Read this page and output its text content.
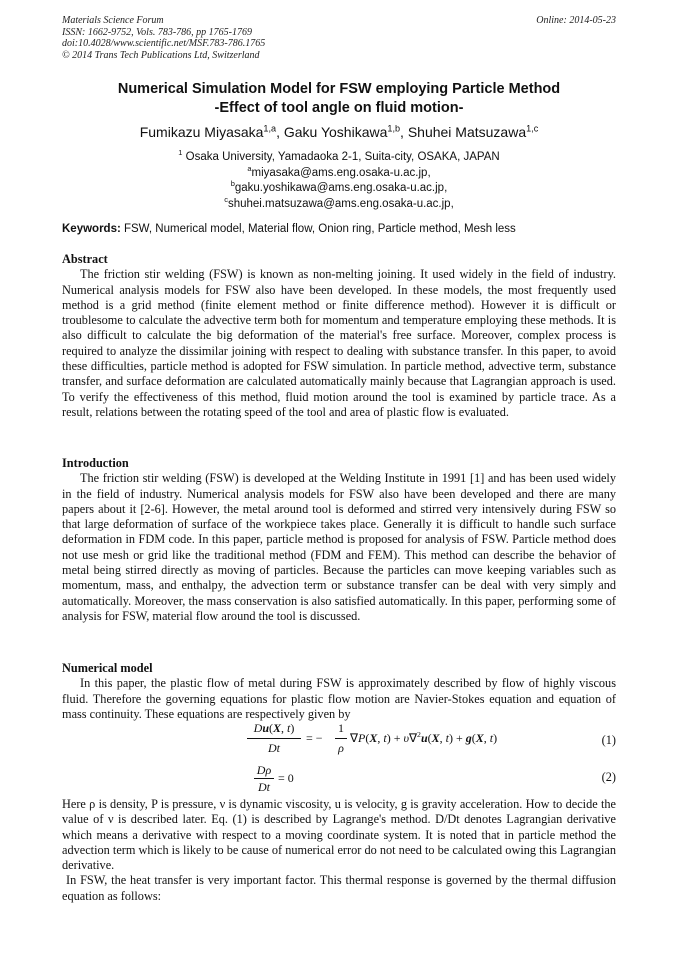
Materials Science Forum
ISSN: 1662-9752, Vols. 783-786, pp 1765-1769
doi:10.4028/www.scientific.net/MSF.783-786.1765
© 2014 Trans Tech Publications Ltd, Switzerland
Online: 2014-05-23
Numerical Simulation Model for FSW employing Particle Method
-Effect of tool angle on fluid motion-
Fumikazu Miyasaka$^{1,a}$, Gaku Yoshikawa$^{1,b}$, Shuhei Matsuzawa$^{1,c}$
$^1$ Osaka University, Yamadaoka 2-1, Suita-city, OSAKA, JAPAN
$^a$miyasaka@ams.eng.osaka-u.ac.jp,
$^b$gaku.yoshikawa@ams.eng.osaka-u.ac.jp,
$^c$shuhei.matsuzawa@ams.eng.osaka-u.ac.jp,
Keywords: FSW, Numerical model, Material flow, Onion ring, Particle method, Mesh less

Abstract

The friction stir welding (FSW) is known as non-melting joining. It used widely in the field of industry. Numerical analysis models for FSW also have been developed. In these models, the most frequently used method is a grid method (finite element method or finite difference method). However it is difficult or troublesome to calculate the advective term both for momentum and temperature employing these methods. It is also difficult to calculate the big deformation of the material's free surface. Moreover, complex process is required to analyze the dissimilar joining with respect to dealing with substance transfer. In this paper, to avoid these difficulties, particle method is adopted for FSW simulation. In particle method, advective term, substance transfer, and surface deformation are calculated automatically mainly because that Lagrangian approach is used. To verify the effectiveness of this method, fluid motion around the tool is examined by particle trace. As a result, relations between the rotating speed of the tool and area of plastic flow is evaluated.

Introduction

The friction stir welding (FSW) is developed at the Welding Institute in 1991 [1] and has been used widely in the field of industry. Numerical analysis models for FSW also have been developed and there are many papers about it [2-6]. However, the metal around tool is deformed and stirred very intensively during FSW so that large deformation of surface of the workpiece takes place. Generally it is difficult to handle such surface deformation in FDM code. In this paper, particle method is proposed for analysis of FSW. Particle method does not use mesh or grid like the traditional method (FDM and FEM). This method can describe the behavior of metal being stirred directly as moving of particles. Because the particles can move keeping variables such as momentum, mass, and enthalpy, the advection term or substance transfer can be deal with very simply and automatically. Moreover, the mass conservation is also satisfied automatically. In this paper, performing some of analysis for FSW, material flow around the tool is discussed.

Numerical model

In this paper, the plastic flow of metal during FSW is approximately described by flow of highly viscous fluid. Therefore the governing equations for plastic flow motion are Navier-Stokes equation and equation of mass continuity. These equations are respectively given by

Du(X, t)
Dt
= −
1
ρ
∇P(X, t) + υ∇$^2$u(X, t) + g(X, t)	(1)
Dρ
Dt
= 0	(2)

Here ρ is density, P is pressure, ν is dynamic viscosity, u is velocity, g is gravity acceleration. How to decide the value of ν is described later. Eq. (1) is described by Lagrange's method. D/Dt denotes Lagrangian derivative which means a derivative with respect to a moving coordinate system. It is noted that in particle method the advection term which is likely to be cause of numerical error do not need to be calculated owing this Lagrangian derivative.

In FSW, the heat transfer is very important factor. This thermal response is governed by the thermal diffusion equation as follows:
